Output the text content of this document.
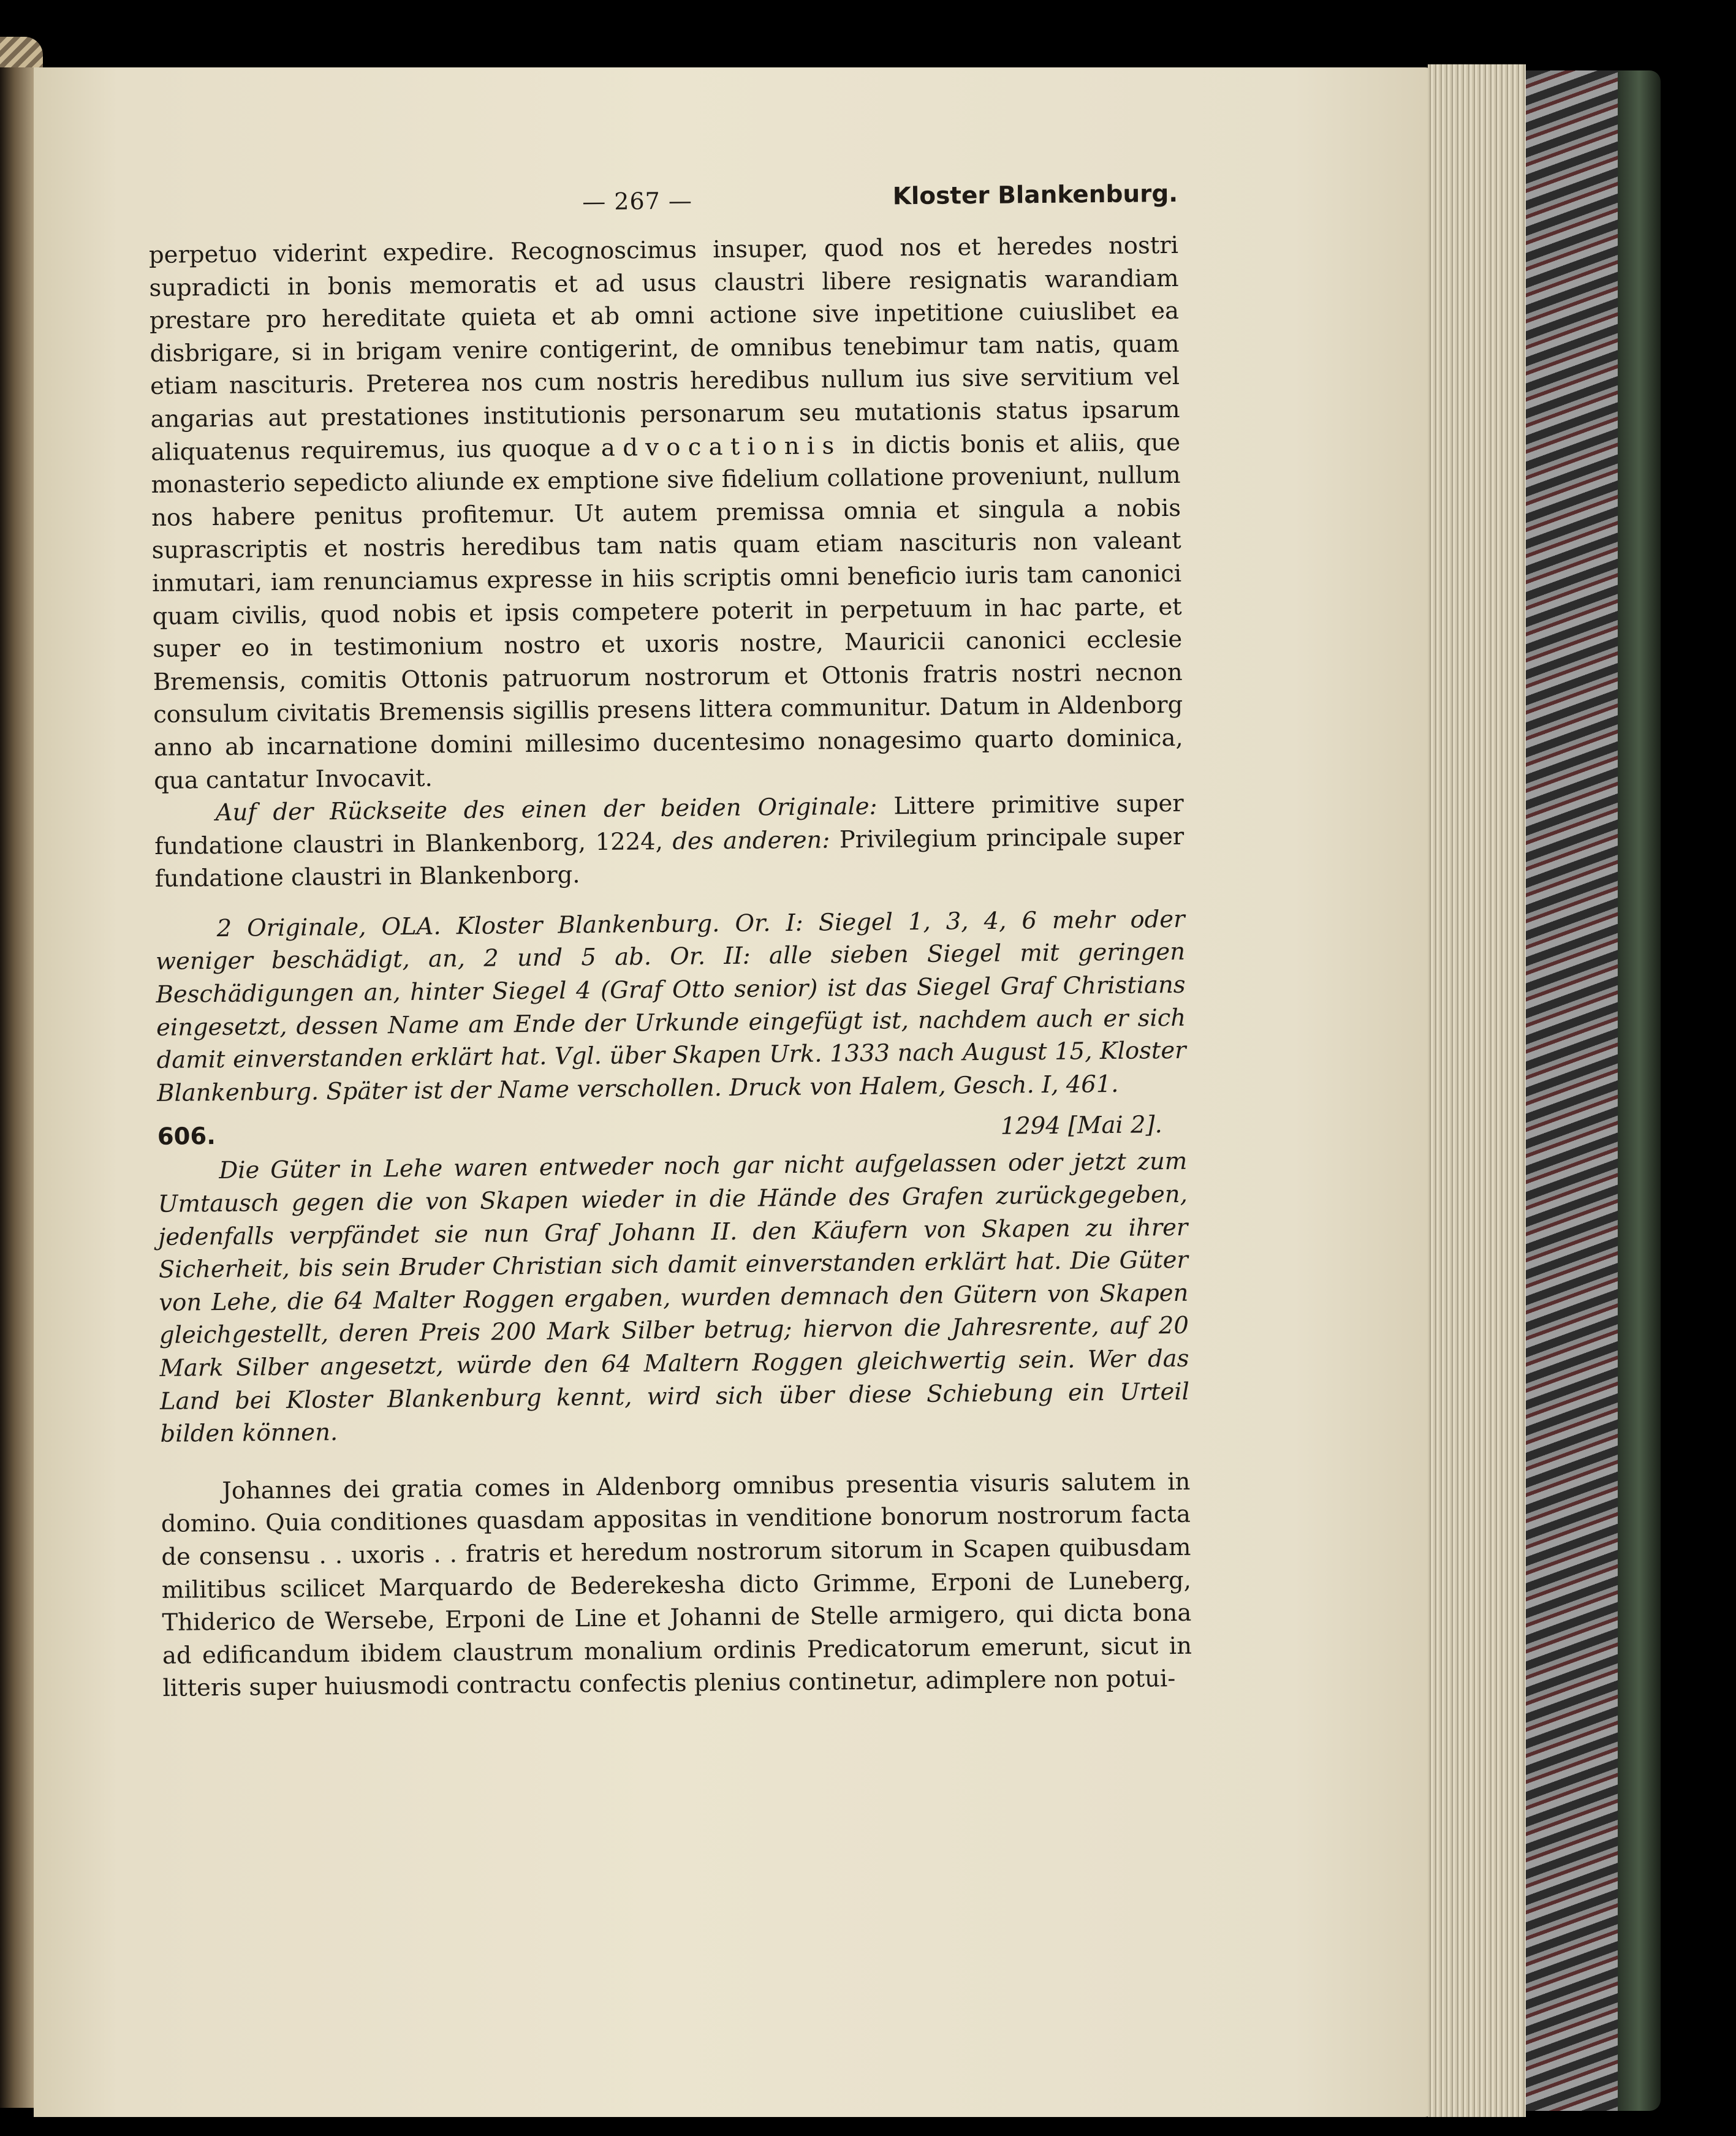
— 267 —	Kloster Blankenburg.

perpetuo viderint expedire. Recognoscimus insuper, quod nos et heredes nostri supradicti in bonis memoratis et ad usus claustri libere resignatis warandiam prestare pro hereditate quieta et ab omni actione sive inpetitione cuiuslibet ea disbrigare, si in brigam venire contigerint, de omnibus tenebimur tam natis, quam etiam nascituris. Preterea nos cum nostris heredibus nullum ius sive servitium vel angarias aut prestationes institutionis personarum seu mutationis status ipsarum aliquatenus requiremus, ius quoque advocationis in dictis bonis et aliis, que monasterio sepedicto aliunde ex emptione sive fidelium collatione proveniunt, nullum nos habere penitus profitemur. Ut autem premissa omnia et singula a nobis suprascriptis et nostris heredibus tam natis quam etiam nascituris non valeant inmutari, iam renunciamus expresse in hiis scriptis omni beneficio iuris tam canonici quam civilis, quod nobis et ipsis competere poterit in perpetuum in hac parte, et super eo in testimonium nostro et uxoris nostre, Mauricii canonici ecclesie Bremensis, comitis Ottonis patruorum nostrorum et Ottonis fratris nostri necnon consulum civitatis Bremensis sigillis presens littera communitur. Datum in Aldenborg anno ab incarnatione domini millesimo ducentesimo nonagesimo quarto dominica, qua cantatur Invocavit.

Auf der Rückseite des einen der beiden Originale: Littere primitive super fundatione claustri in Blankenborg, 1224, des anderen: Privilegium principale super fundatione claustri in Blankenborg.

2 Originale, OLA. Kloster Blankenburg. Or. I: Siegel 1, 3, 4, 6 mehr oder weniger beschädigt, an, 2 und 5 ab. Or. II: alle sieben Siegel mit geringen Beschädigungen an, hinter Siegel 4 (Graf Otto senior) ist das Siegel Graf Christians eingesetzt, dessen Name am Ende der Urkunde eingefügt ist, nachdem auch er sich damit einverstanden erklärt hat. Vgl. über Skapen Urk. 1333 nach August 15, Kloster Blankenburg. Später ist der Name verschollen. Druck von Halem, Gesch. I, 461.

606.	1294 [Mai 2].

Die Güter in Lehe waren entweder noch gar nicht aufgelassen oder jetzt zum Umtausch gegen die von Skapen wieder in die Hände des Grafen zurückgegeben, jedenfalls verpfändet sie nun Graf Johann II. den Käufern von Skapen zu ihrer Sicherheit, bis sein Bruder Christian sich damit einverstanden erklärt hat. Die Güter von Lehe, die 64 Malter Roggen ergaben, wurden demnach den Gütern von Skapen gleichgestellt, deren Preis 200 Mark Silber betrug; hiervon die Jahresrente, auf 20 Mark Silber angesetzt, würde den 64 Maltern Roggen gleichwertig sein. Wer das Land bei Kloster Blankenburg kennt, wird sich über diese Schiebung ein Urteil bilden können.

Johannes dei gratia comes in Aldenborg omnibus presentia visuris salutem in domino. Quia conditiones quasdam appositas in venditione bonorum nostrorum facta de consensu . . uxoris . . fratris et heredum nostrorum sitorum in Scapen quibusdam militibus scilicet Marquardo de Bederekesha dicto Grimme, Erponi de Luneberg, Thiderico de Wersebe, Erponi de Line et Johanni de Stelle armigero, qui dicta bona ad edificandum ibidem claustrum monalium ordinis Predicatorum emerunt, sicut in litteris super huiusmodi contractu confectis plenius continetur, adimplere non potui-
